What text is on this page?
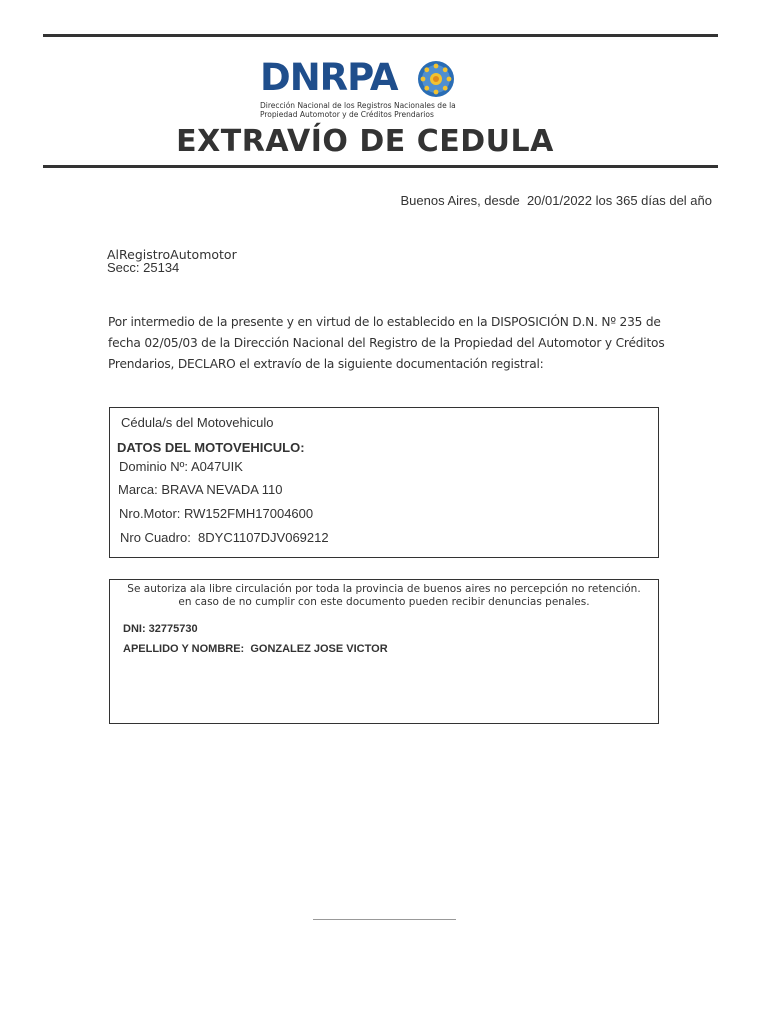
DNRPA
Dirección Nacional de los Registros Nacionales de la
Propiedad Automotor y de Créditos Prendarios
EXTRAVÍO DE CEDULA
Buenos Aires, desde  20/01/2022 los 365 días del año
AlRegistroAutomotor
Secc: 25134
Por intermedio de la presente y en virtud de lo establecido en la DISPOSICIÓN D.N. Nº 235 de fecha 02/05/03 de la Dirección Nacional del Registro de la Propiedad del Automotor y Créditos Prendarios, DECLARO el extravío de la siguiente documentación registral:
Cédula/s del Motovehiculo
DATOS DEL MOTOVEHICULO:
Dominio Nº: A047UIK
Marca: BRAVA NEVADA 110
Nro.Motor: RW152FMH17004600
Nro Cuadro:  8DYC1107DJV069212
Se autoriza ala libre circulación por toda la provincia de buenos aires no percepción no retención.
en caso de no cumplir con este documento pueden recibir denuncias penales.
DNI: 32775730
APELLIDO Y NOMBRE:  GONZALEZ JOSE VICTOR
